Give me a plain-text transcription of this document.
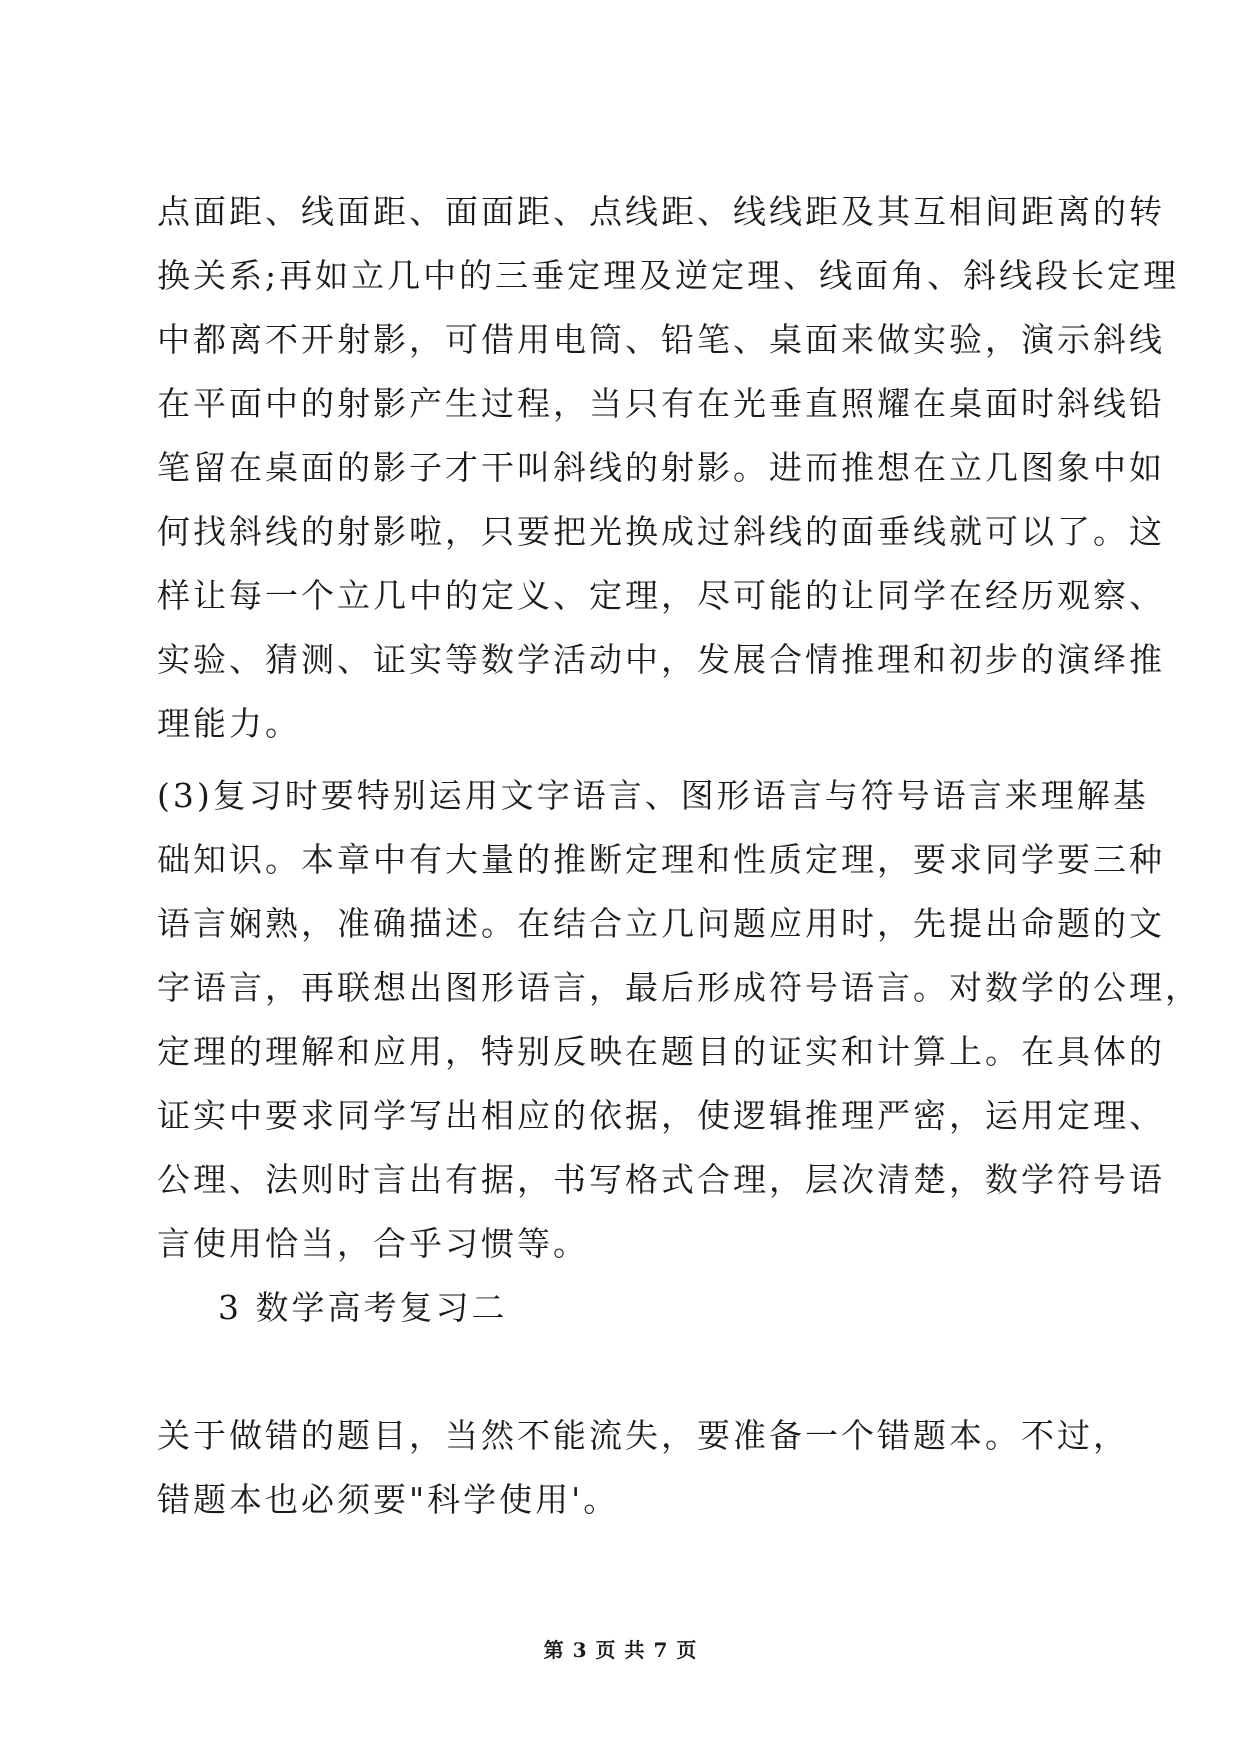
点面距、线面距、面面距、点线距、线线距及其互相间距离的转
换关系;再如立几中的三垂定理及逆定理、线面角、斜线段长定理
中都离不开射影，可借用电筒、铅笔、桌面来做实验，演示斜线
在平面中的射影产生过程，当只有在光垂直照耀在桌面时斜线铅
笔留在桌面的影子才干叫斜线的射影。进而推想在立几图象中如
何找斜线的射影啦，只要把光换成过斜线的面垂线就可以了。这
样让每一个立几中的定义、定理，尽可能的让同学在经历观察、
实验、猜测、证实等数学活动中，发展合情推理和初步的演绎推
理能力。
(3)复习时要特别运用文字语言、图形语言与符号语言来理解基
础知识。本章中有大量的推断定理和性质定理，要求同学要三种
语言娴熟，准确描述。在结合立几问题应用时，先提出命题的文
字语言，再联想出图形语言，最后形成符号语言。对数学的公理，
定理的理解和应用，特别反映在题目的证实和计算上。在具体的
证实中要求同学写出相应的依据，使逻辑推理严密，运用定理、
公理、法则时言出有据，书写格式合理，层次清楚，数学符号语
言使用恰当，合乎习惯等。
3 数学高考复习二
关于做错的题目，当然不能流失，要准备一个错题本。不过，
错题本也必须要"科学使用'。
第 3 页 共 7 页
